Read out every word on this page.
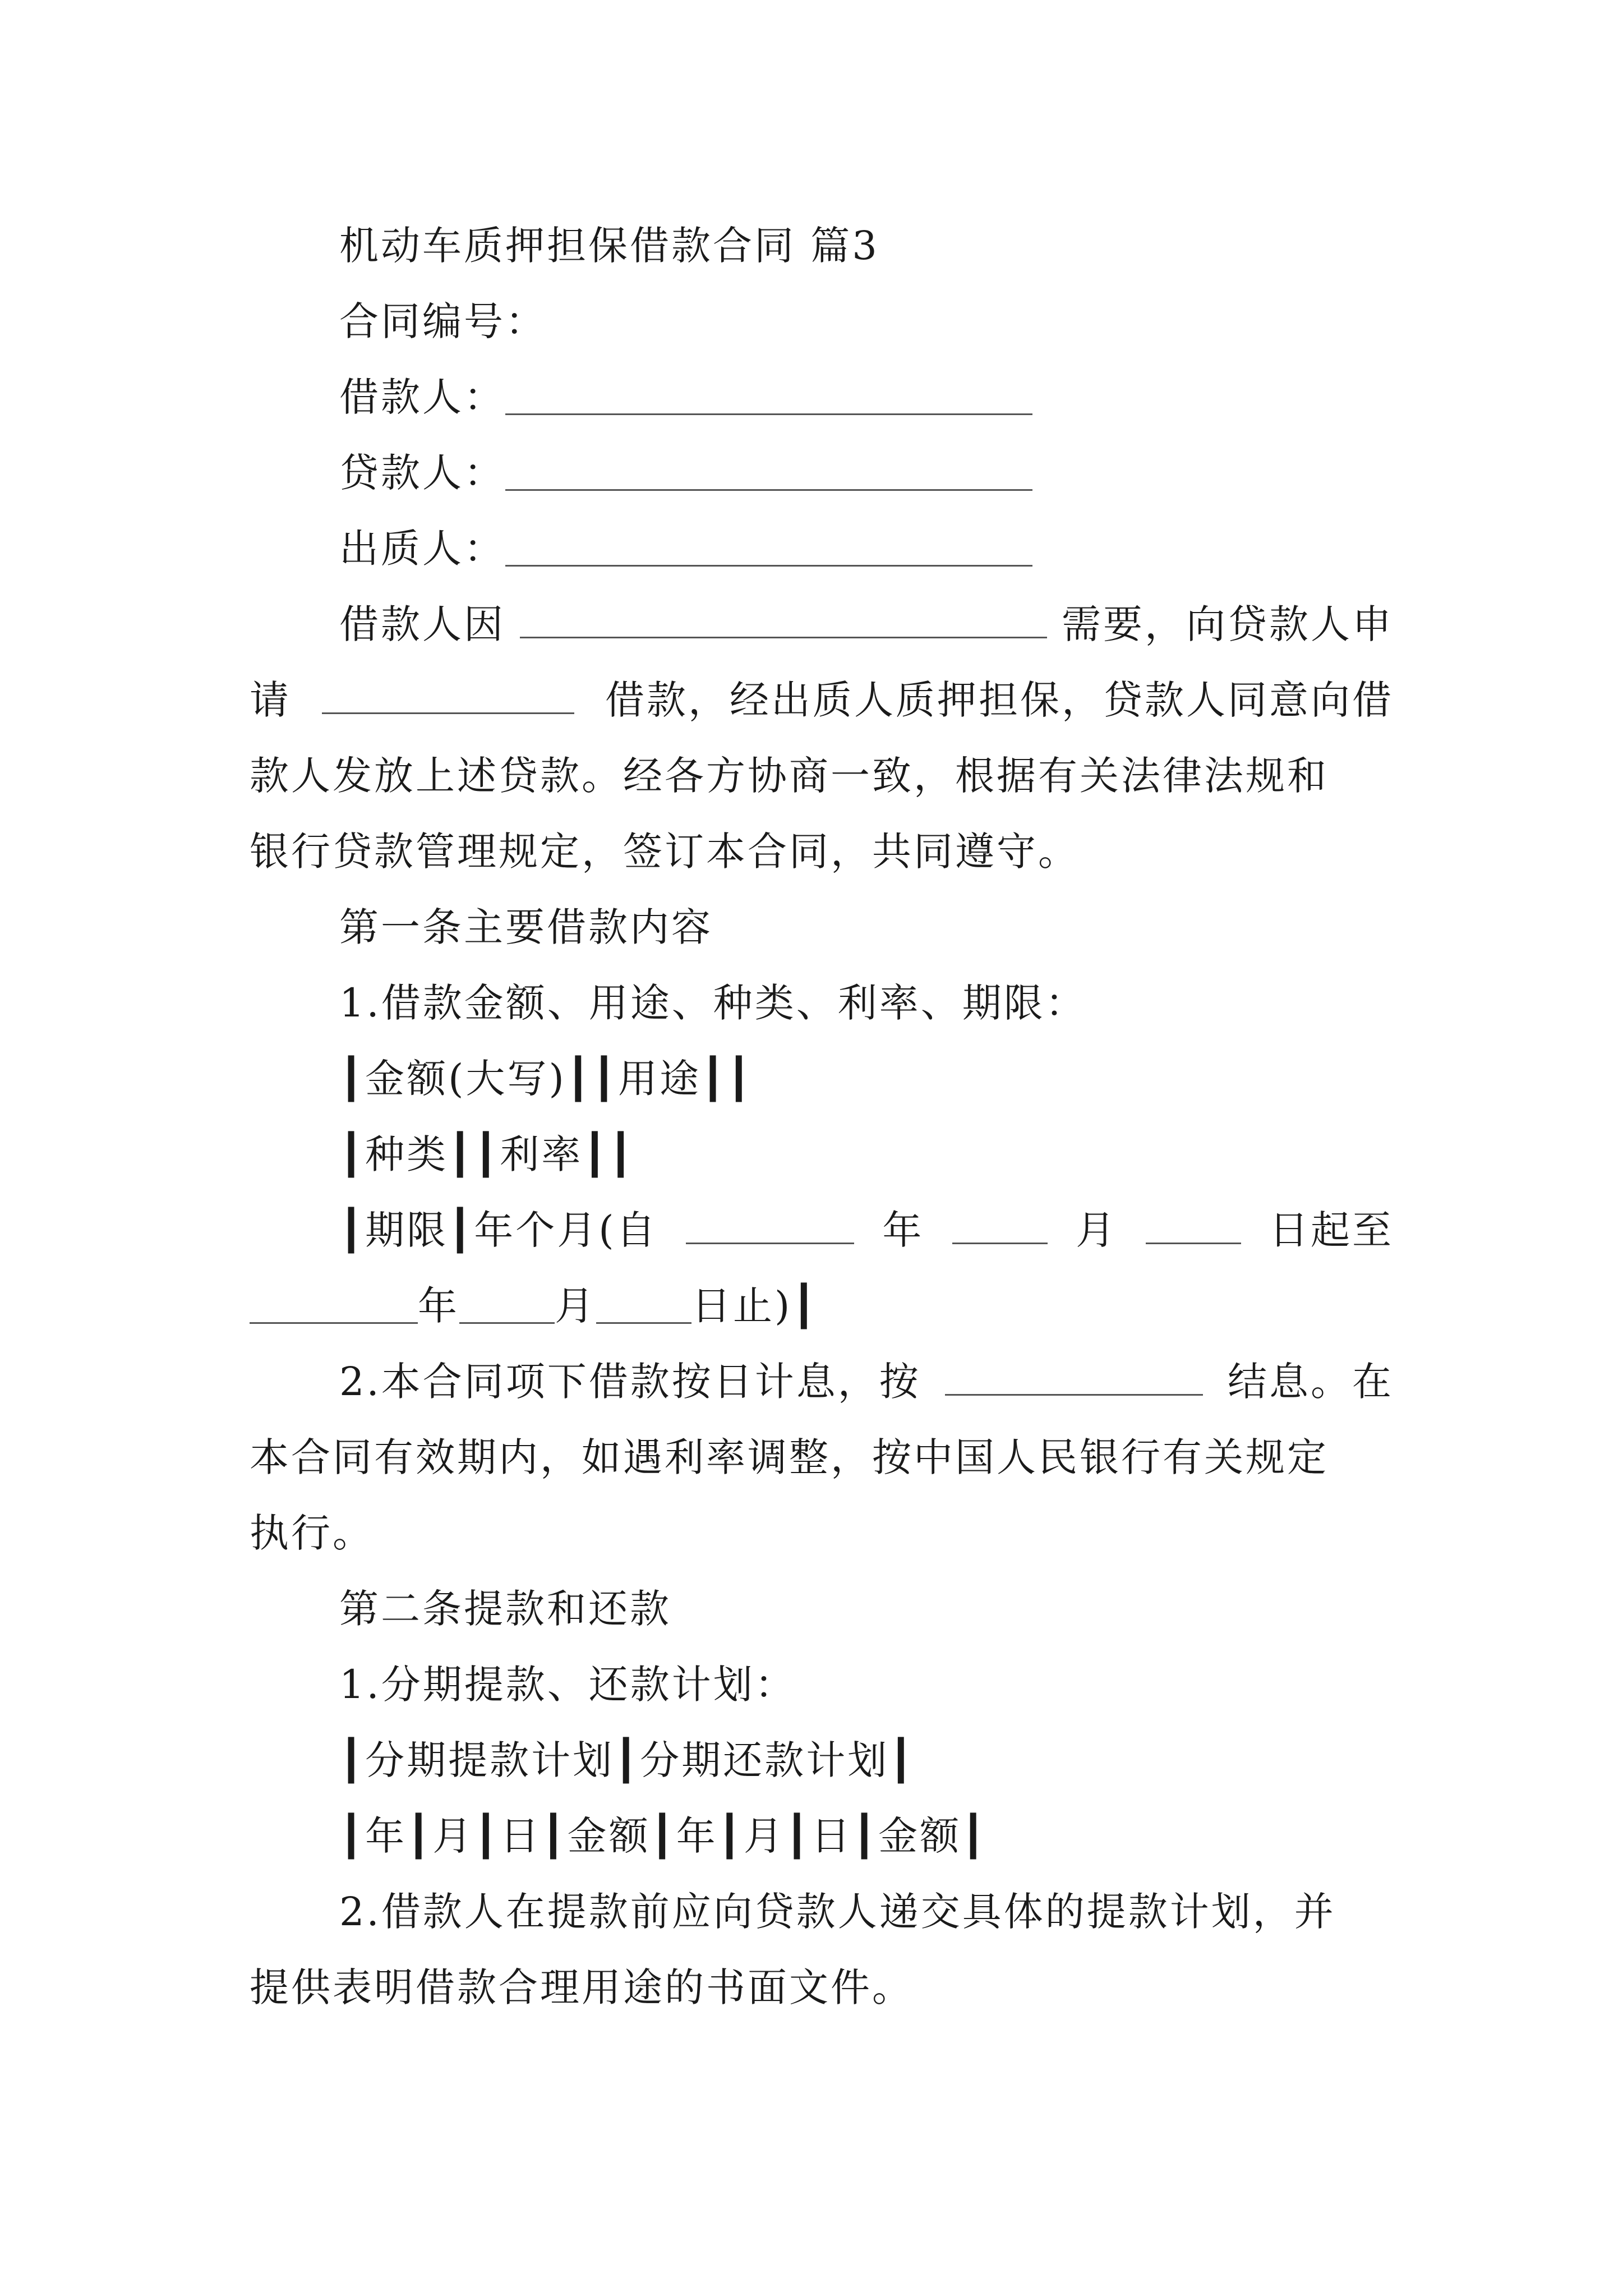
机动车质押担保借款合同 篇3
合同编号：
借款人：
贷款人：
出质人：
借款人因	需要，向贷款人申
请	借款，经出质人质押担保，贷款人同意向借
款人发放上述贷款。经各方协商一致，根据有关法律法规和
银行贷款管理规定，签订本合同，共同遵守。
第一条主要借款内容
1.借款金额、用途、种类、利率、期限：
┃金额(大写)┃┃用途┃┃
┃种类┃┃利率┃┃
┃期限┃年个月(自	年	月	日起至
年 月 日止)┃
2.本合同项下借款按日计息，按	结息。在
本合同有效期内，如遇利率调整，按中国人民银行有关规定
执行。
第二条提款和还款
1.分期提款、还款计划：
┃分期提款计划┃分期还款计划┃
┃年┃月┃日┃金额┃年┃月┃日┃金额┃
2.借款人在提款前应向贷款人递交具体的提款计划，并
提供表明借款合理用途的书面文件。
